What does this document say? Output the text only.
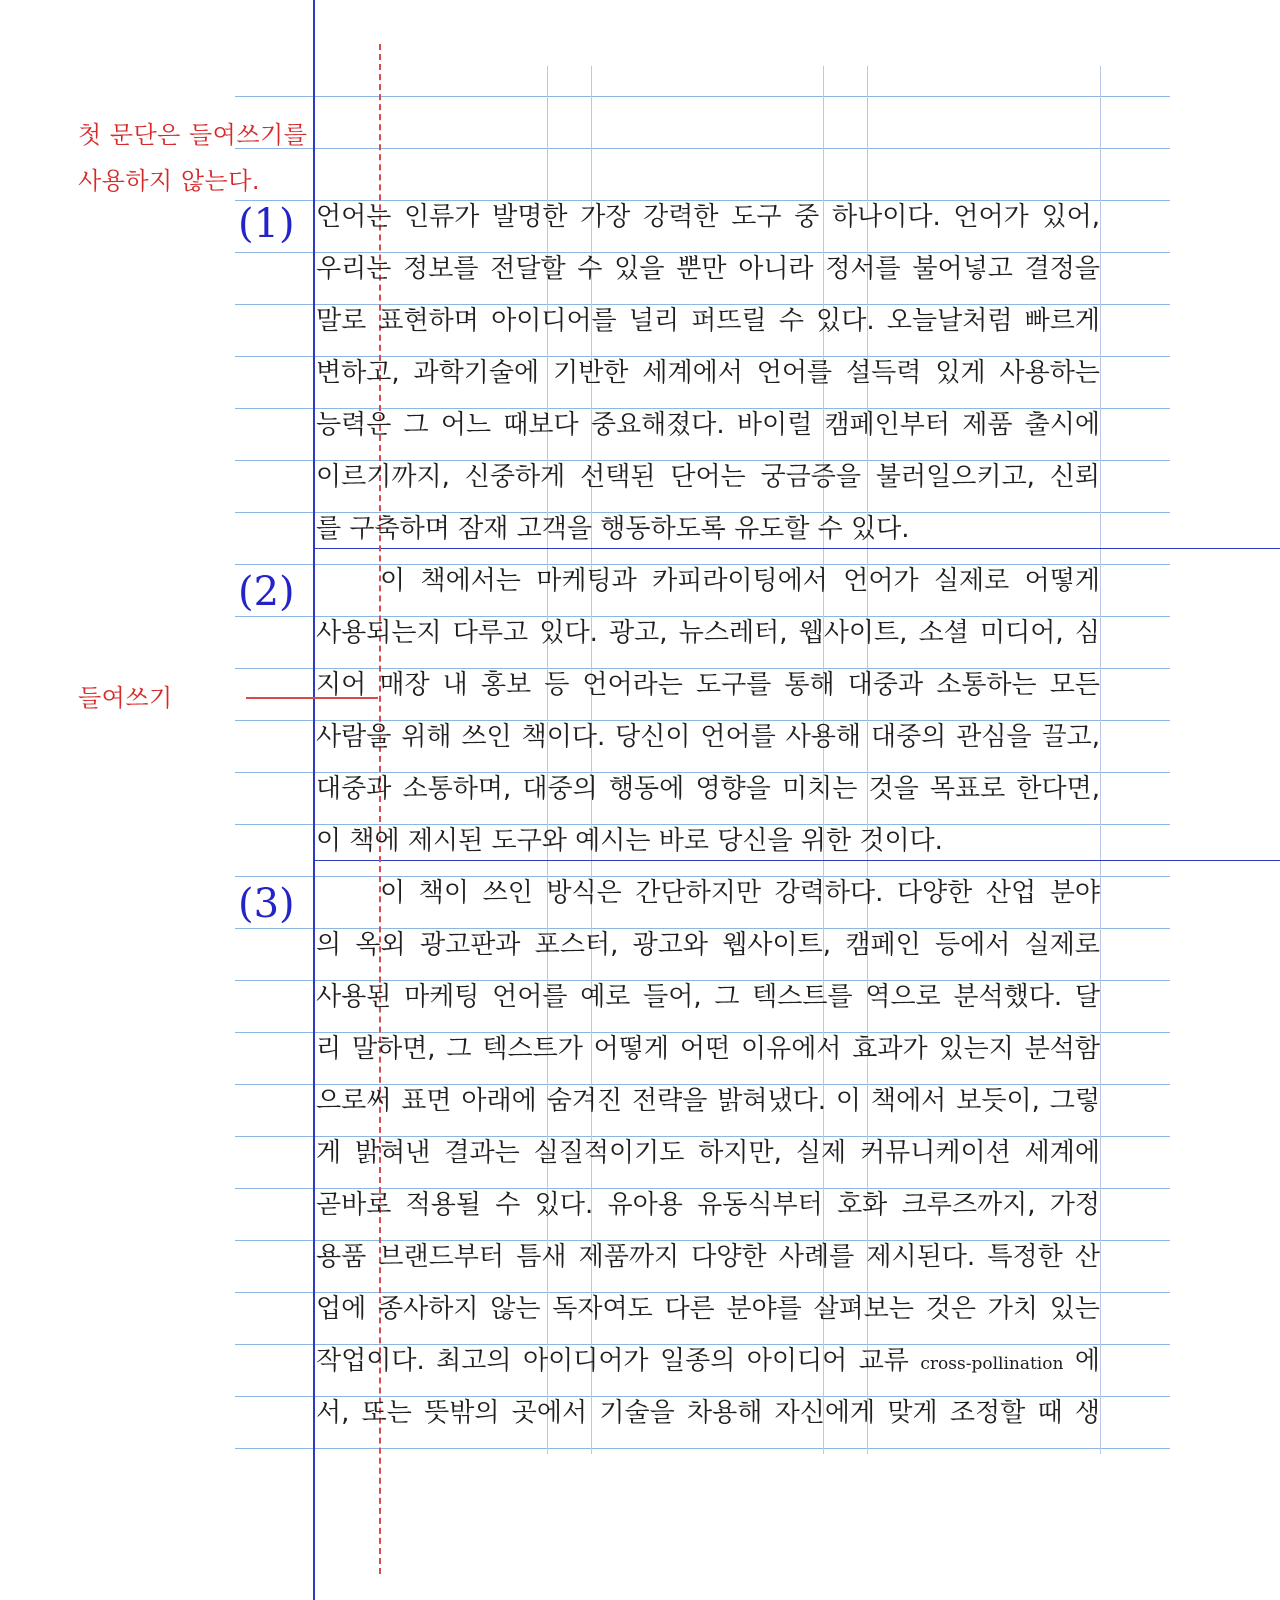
첫 문단은 들여쓰기를
사용하지 않는다.
들여쓰기
(1)
(2)
(3)
언어는 인류가 발명한 가장 강력한 도구 중 하나이다. 언어가 있어,
우리는 정보를 전달할 수 있을 뿐만 아니라 정서를 불어넣고 결정을
말로 표현하며 아이디어를 널리 퍼뜨릴 수 있다. 오늘날처럼 빠르게
변하고, 과학기술에 기반한 세계에서 언어를 설득력 있게 사용하는
능력은 그 어느 때보다 중요해졌다. 바이럴 캠페인부터 제품 출시에
이르기까지, 신중하게 선택된 단어는 궁금증을 불러일으키고, 신뢰
를 구축하며 잠재 고객을 행동하도록 유도할 수 있다.
이 책에서는 마케팅과 카피라이팅에서 언어가 실제로 어떻게
사용되는지 다루고 있다. 광고, 뉴스레터, 웹사이트, 소셜 미디어, 심
지어 매장 내 홍보 등 언어라는 도구를 통해 대중과 소통하는 모든
사람을 위해 쓰인 책이다. 당신이 언어를 사용해 대중의 관심을 끌고,
대중과 소통하며, 대중의 행동에 영향을 미치는 것을 목표로 한다면,
이 책에 제시된 도구와 예시는 바로 당신을 위한 것이다.
이 책이 쓰인 방식은 간단하지만 강력하다. 다양한 산업 분야
의 옥외 광고판과 포스터, 광고와 웹사이트, 캠페인 등에서 실제로
사용된 마케팅 언어를 예로 들어, 그 텍스트를 역으로 분석했다. 달
리 말하면, 그 텍스트가 어떻게 어떤 이유에서 효과가 있는지 분석함
으로써 표면 아래에 숨겨진 전략을 밝혀냈다. 이 책에서 보듯이, 그렇
게 밝혀낸 결과는 실질적이기도 하지만, 실제 커뮤니케이션 세계에
곧바로 적용될 수 있다. 유아용 유동식부터 호화 크루즈까지, 가정
용품 브랜드부터 틈새 제품까지 다양한 사례를 제시된다. 특정한 산
업에 종사하지 않는 독자여도 다른 분야를 살펴보는 것은 가치 있는
작업이다. 최고의 아이디어가 일종의 아이디어 교류 cross-pollination 에
서, 또는 뜻밖의 곳에서 기술을 차용해 자신에게 맞게 조정할 때 생
